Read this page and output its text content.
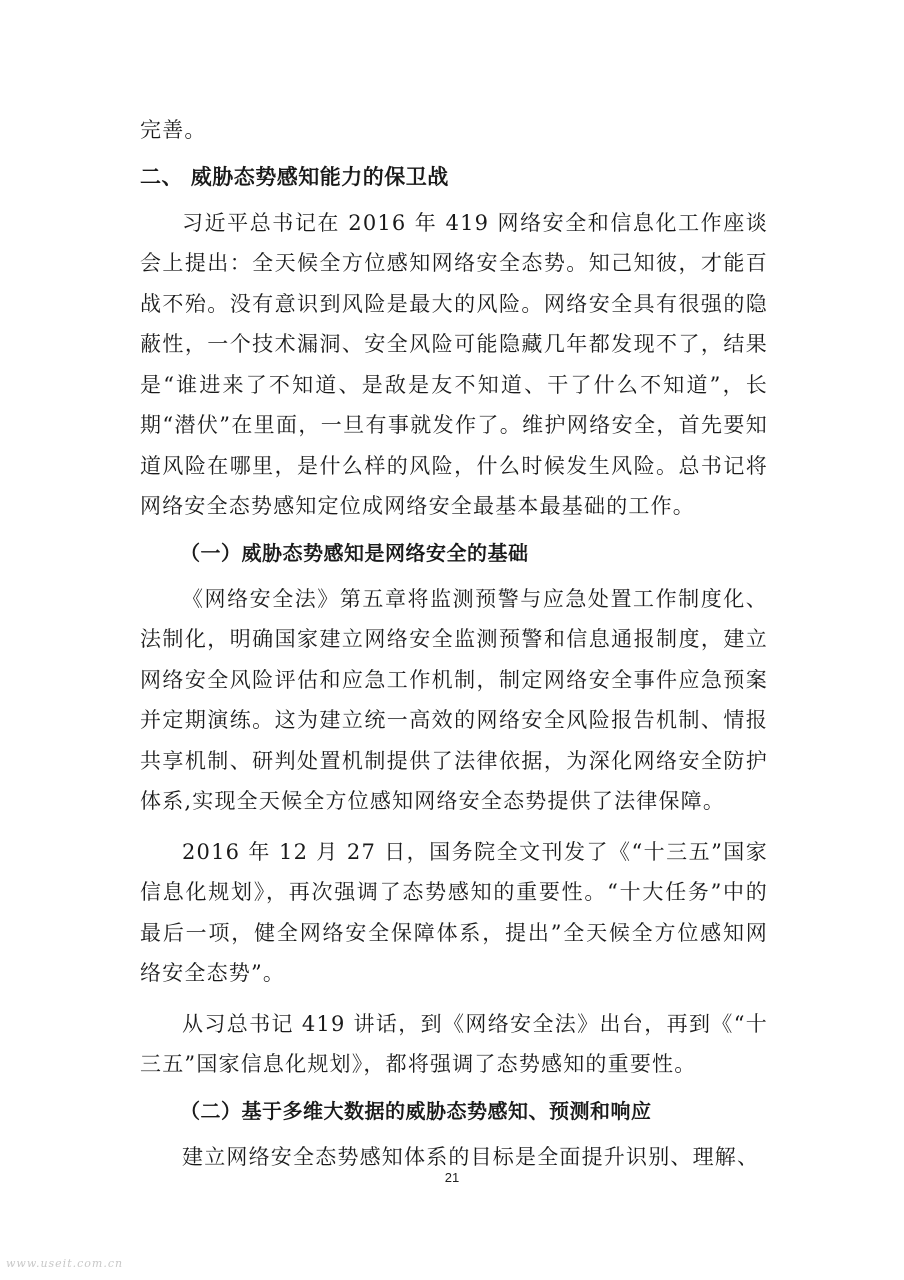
完善。

二、 威胁态势感知能力的保卫战

习近平总书记在 2016 年 419 网络安全和信息化工作座谈会上提出：全天候全方位感知网络安全态势。知己知彼，才能百战不殆。没有意识到风险是最大的风险。网络安全具有很强的隐蔽性，一个技术漏洞、安全风险可能隐藏几年都发现不了，结果是“谁进来了不知道、是敌是友不知道、干了什么不知道”，长期“潜伏”在里面，一旦有事就发作了。维护网络安全，首先要知道风险在哪里，是什么样的风险，什么时候发生风险。总书记将网络安全态势感知定位成网络安全最基本最基础的工作。

（一）威胁态势感知是网络安全的基础

《网络安全法》第五章将监测预警与应急处置工作制度化、法制化，明确国家建立网络安全监测预警和信息通报制度，建立网络安全风险评估和应急工作机制，制定网络安全事件应急预案并定期演练。这为建立统一高效的网络安全风险报告机制、情报共享机制、研判处置机制提供了法律依据，为深化网络安全防护体系,实现全天候全方位感知网络安全态势提供了法律保障。

2016 年 12 月 27 日，国务院全文刊发了《“十三五”国家信息化规划》，再次强调了态势感知的重要性。“十大任务”中的最后一项，健全网络安全保障体系，提出”全天候全方位感知网络安全态势”。

从习总书记 419 讲话，到《网络安全法》出台，再到《“十三五”国家信息化规划》，都将强调了态势感知的重要性。

（二）基于多维大数据的威胁态势感知、预测和响应

建立网络安全态势感知体系的目标是全面提升识别、理解、

21
www.useit.com.cn
